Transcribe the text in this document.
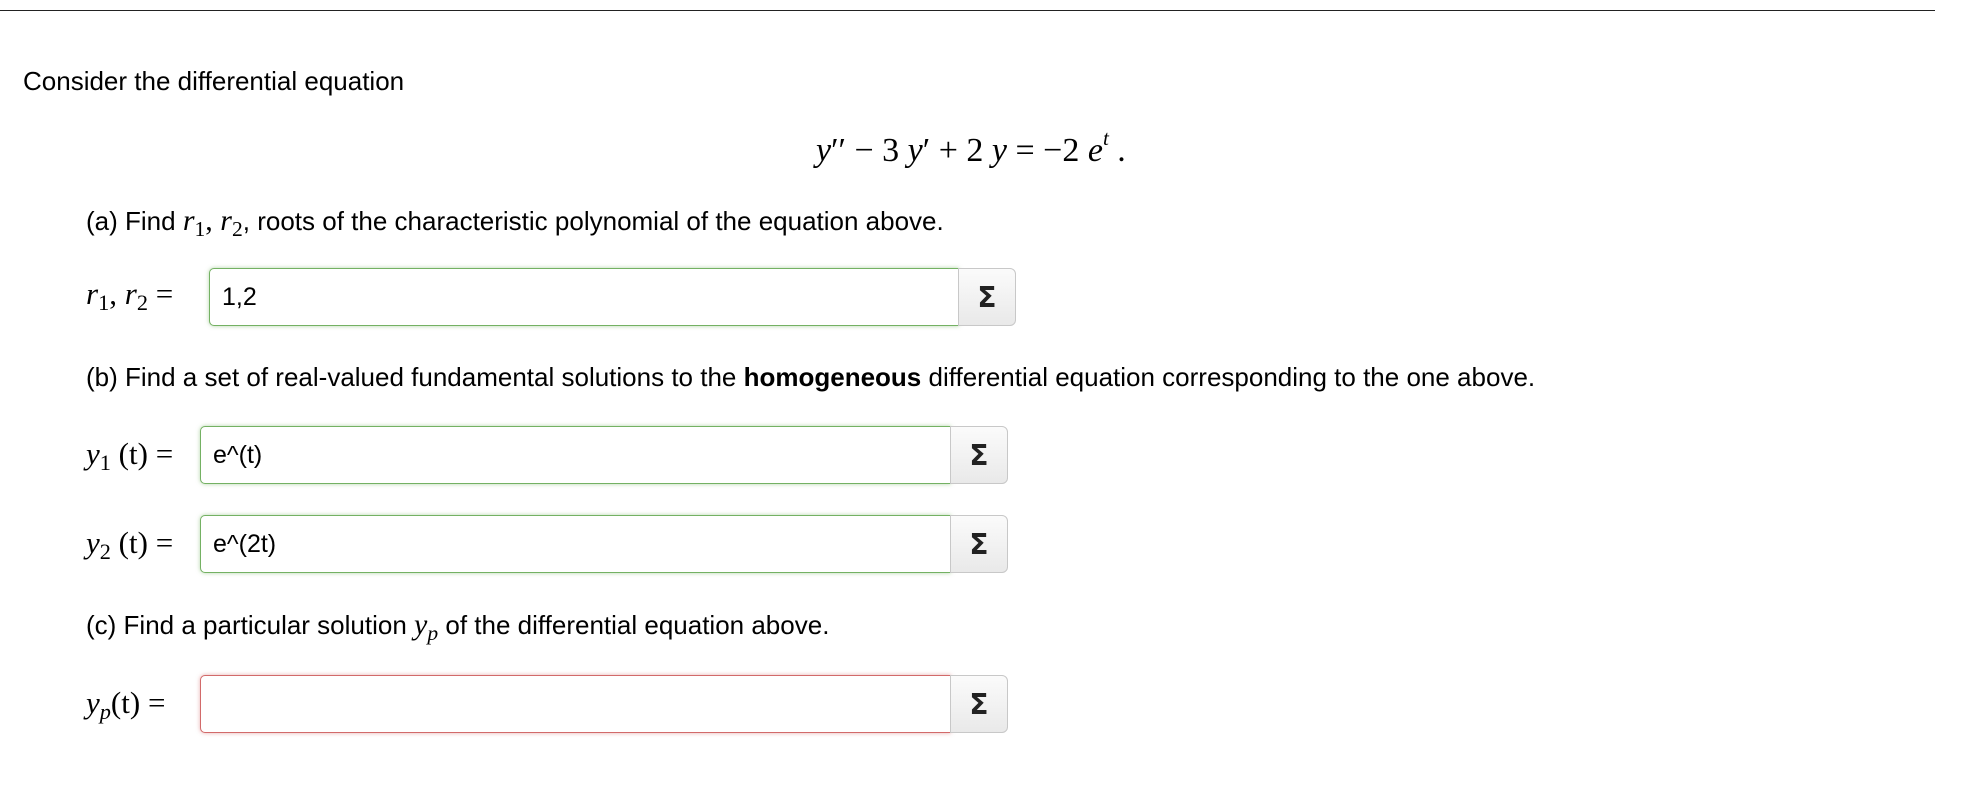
Consider the differential equation
y′′ − 3 y′ + 2 y = −2 $e^t$ .
(a) Find $r_1$, $r_2$, roots of the characteristic polynomial of the equation above.
$r_1$, $r_2$ =
1,2	Σ
(b) Find a set of real-valued fundamental solutions to the homogeneous differential equation corresponding to the one above.
$y_1$ (t) =
e^(t)	Σ
$y_2$ (t) =
e^(2t)	Σ
(c) Find a particular solution $y_p$ of the differential equation above.
$y_p(t)$ =	Σ
